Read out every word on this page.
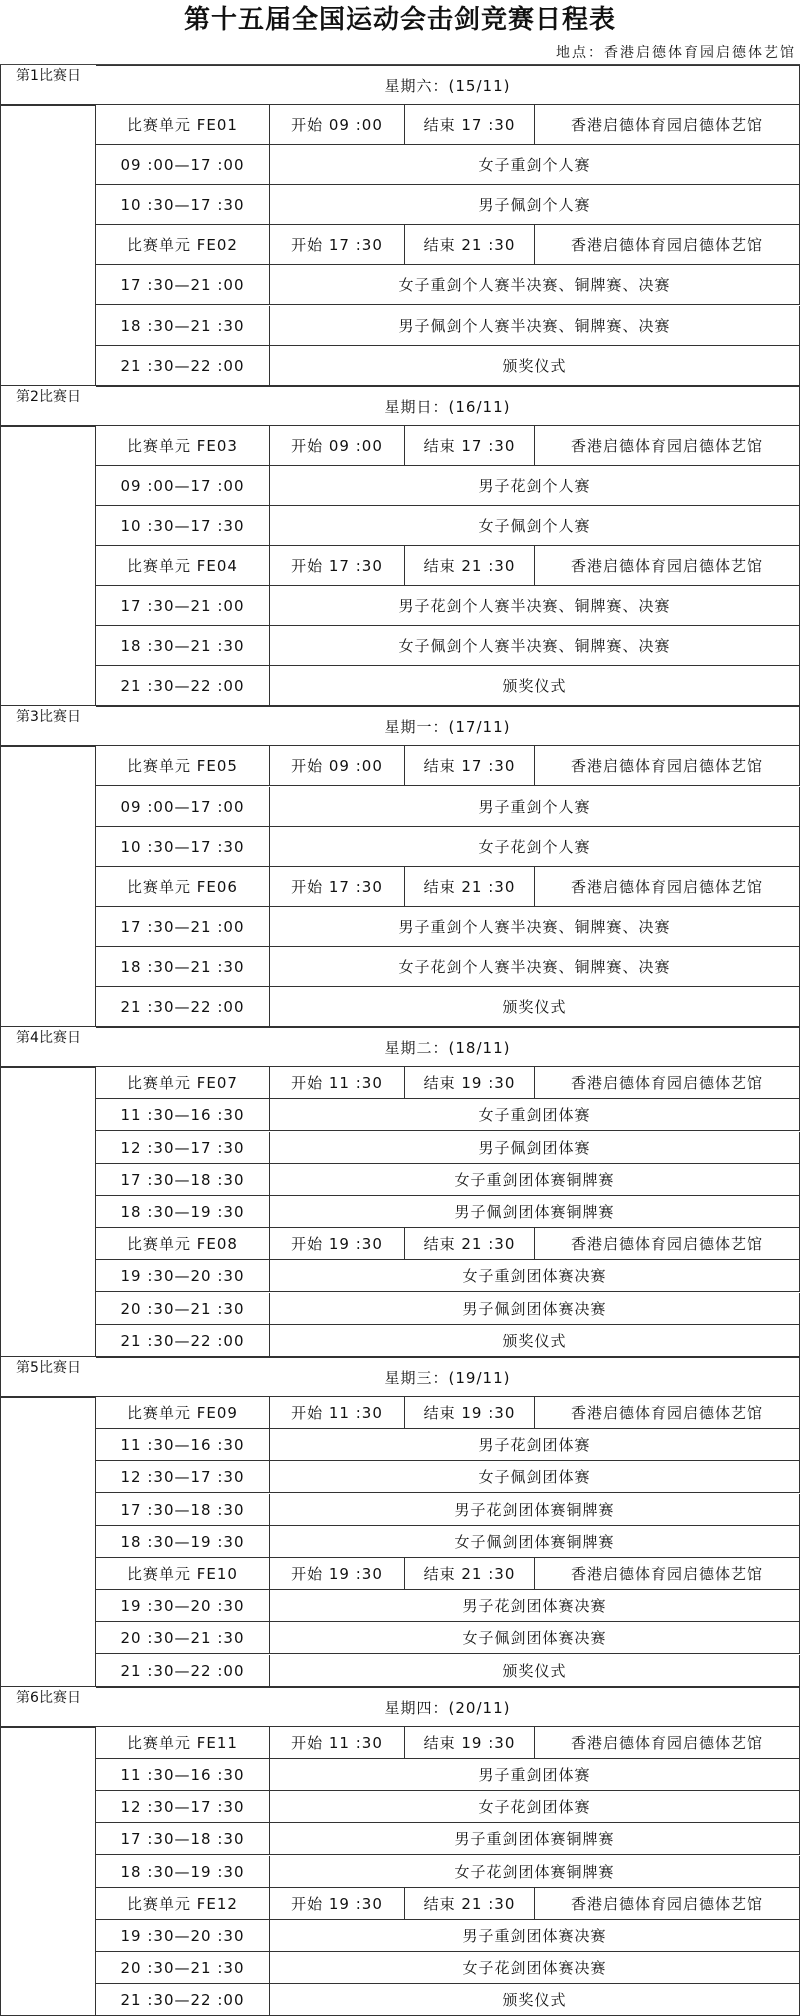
第十五届全国运动会击剑竞赛日程表
地点：香港启德体育园启德体艺馆
第1比赛日
星期六：(15/11)
比赛单元 FE01	开始 09 :00	结束 17 :30	香港启德体育园启德体艺馆
09 :00—17 :00	女子重剑个人赛
10 :30—17 :30	男子佩剑个人赛
比赛单元 FE02	开始 17 :30	结束 21 :30	香港启德体育园启德体艺馆
17 :30—21 :00	女子重剑个人赛半决赛、铜牌赛、决赛
18 :30—21 :30	男子佩剑个人赛半决赛、铜牌赛、决赛
21 :30—22 :00	颁奖仪式
第2比赛日
星期日：(16/11)
比赛单元 FE03	开始 09 :00	结束 17 :30	香港启德体育园启德体艺馆
09 :00—17 :00	男子花剑个人赛
10 :30—17 :30	女子佩剑个人赛
比赛单元 FE04	开始 17 :30	结束 21 :30	香港启德体育园启德体艺馆
17 :30—21 :00	男子花剑个人赛半决赛、铜牌赛、决赛
18 :30—21 :30	女子佩剑个人赛半决赛、铜牌赛、决赛
21 :30—22 :00	颁奖仪式
第3比赛日
星期一：(17/11)
比赛单元 FE05	开始 09 :00	结束 17 :30	香港启德体育园启德体艺馆
09 :00—17 :00	男子重剑个人赛
10 :30—17 :30	女子花剑个人赛
比赛单元 FE06	开始 17 :30	结束 21 :30	香港启德体育园启德体艺馆
17 :30—21 :00	男子重剑个人赛半决赛、铜牌赛、决赛
18 :30—21 :30	女子花剑个人赛半决赛、铜牌赛、决赛
21 :30—22 :00	颁奖仪式
第4比赛日
星期二：(18/11)
比赛单元 FE07	开始 11 :30	结束 19 :30	香港启德体育园启德体艺馆
11 :30—16 :30	女子重剑团体赛
12 :30—17 :30	男子佩剑团体赛
17 :30—18 :30	女子重剑团体赛铜牌赛
18 :30—19 :30	男子佩剑团体赛铜牌赛
比赛单元 FE08	开始 19 :30	结束 21 :30	香港启德体育园启德体艺馆
19 :30—20 :30	女子重剑团体赛决赛
20 :30—21 :30	男子佩剑团体赛决赛
21 :30—22 :00	颁奖仪式
第5比赛日
星期三：(19/11)
比赛单元 FE09	开始 11 :30	结束 19 :30	香港启德体育园启德体艺馆
11 :30—16 :30	男子花剑团体赛
12 :30—17 :30	女子佩剑团体赛
17 :30—18 :30	男子花剑团体赛铜牌赛
18 :30—19 :30	女子佩剑团体赛铜牌赛
比赛单元 FE10	开始 19 :30	结束 21 :30	香港启德体育园启德体艺馆
19 :30—20 :30	男子花剑团体赛决赛
20 :30—21 :30	女子佩剑团体赛决赛
21 :30—22 :00	颁奖仪式
第6比赛日
星期四：(20/11)
比赛单元 FE11	开始 11 :30	结束 19 :30	香港启德体育园启德体艺馆
11 :30—16 :30	男子重剑团体赛
12 :30—17 :30	女子花剑团体赛
17 :30—18 :30	男子重剑团体赛铜牌赛
18 :30—19 :30	女子花剑团体赛铜牌赛
比赛单元 FE12	开始 19 :30	结束 21 :30	香港启德体育园启德体艺馆
19 :30—20 :30	男子重剑团体赛决赛
20 :30—21 :30	女子花剑团体赛决赛
21 :30—22 :00	颁奖仪式
